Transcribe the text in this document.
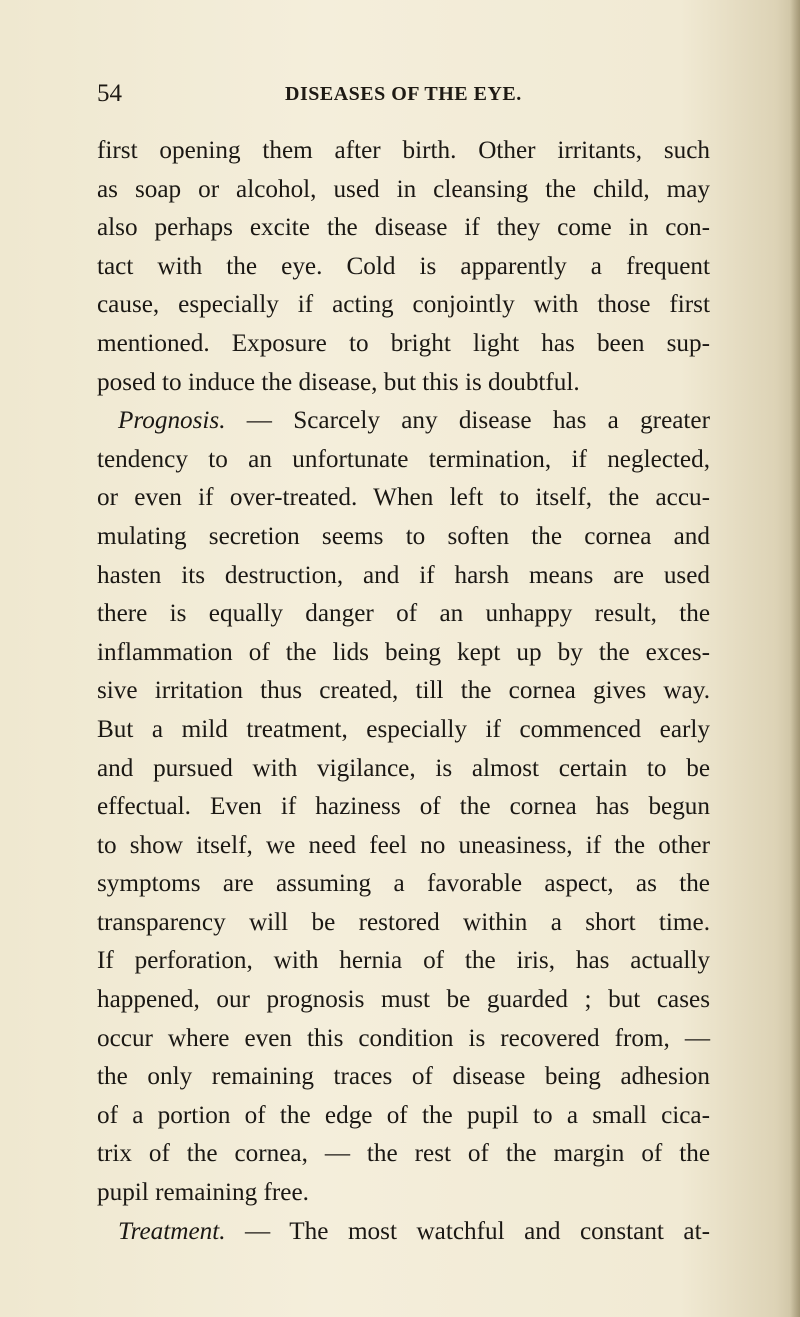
54	DISEASES OF THE EYE.
first opening them after birth. Other irritants, such
as soap or alcohol, used in cleansing the child, may
also perhaps excite the disease if they come in con-
tact with the eye. Cold is apparently a frequent
cause, especially if acting conjointly with those first
mentioned. Exposure to bright light has been sup-
posed to induce the disease, but this is doubtful.
Prognosis. — Scarcely any disease has a greater
tendency to an unfortunate termination, if neglected,
or even if over-treated. When left to itself, the accu-
mulating secretion seems to soften the cornea and
hasten its destruction, and if harsh means are used
there is equally danger of an unhappy result, the
inflammation of the lids being kept up by the exces-
sive irritation thus created, till the cornea gives way.
But a mild treatment, especially if commenced early
and pursued with vigilance, is almost certain to be
effectual. Even if haziness of the cornea has begun
to show itself, we need feel no uneasiness, if the other
symptoms are assuming a favorable aspect, as the
transparency will be restored within a short time.
If perforation, with hernia of the iris, has actually
happened, our prognosis must be guarded ; but cases
occur where even this condition is recovered from, —
the only remaining traces of disease being adhesion
of a portion of the edge of the pupil to a small cica-
trix of the cornea, — the rest of the margin of the
pupil remaining free.
Treatment. — The most watchful and constant at-
